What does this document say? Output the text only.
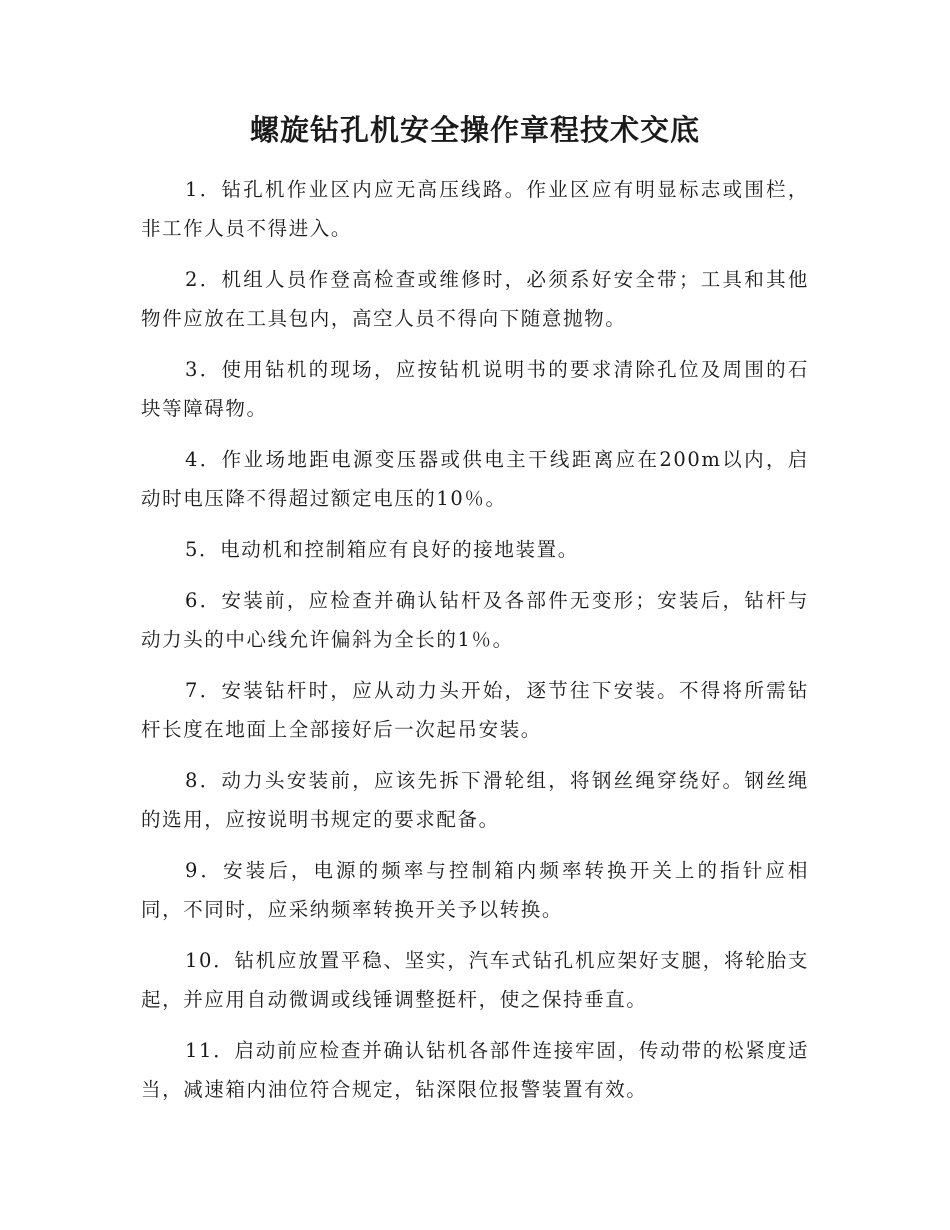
螺旋钻孔机安全操作章程技术交底
1．钻孔机作业区内应无高压线路。作业区应有明显标志或围栏，非工作人员不得进入。
2．机组人员作登高检查或维修时，必须系好安全带；工具和其他物件应放在工具包内，高空人员不得向下随意抛物。
3．使用钻机的现场，应按钻机说明书的要求清除孔位及周围的石块等障碍物。
4．作业场地距电源变压器或供电主干线距离应在200m以内，启动时电压降不得超过额定电压的10％。
5．电动机和控制箱应有良好的接地装置。
6．安装前，应检查并确认钻杆及各部件无变形；安装后，钻杆与动力头的中心线允许偏斜为全长的1％。
7．安装钻杆时，应从动力头开始，逐节往下安装。不得将所需钻杆长度在地面上全部接好后一次起吊安装。
8．动力头安装前，应该先拆下滑轮组，将钢丝绳穿绕好。钢丝绳的选用，应按说明书规定的要求配备。
9．安装后，电源的频率与控制箱内频率转换开关上的指针应相同，不同时，应采纳频率转换开关予以转换。
10．钻机应放置平稳、坚实，汽车式钻孔机应架好支腿，将轮胎支起，并应用自动微调或线锤调整挺杆，使之保持垂直。
11．启动前应检查并确认钻机各部件连接牢固，传动带的松紧度适当，减速箱内油位符合规定，钻深限位报警装置有效。
